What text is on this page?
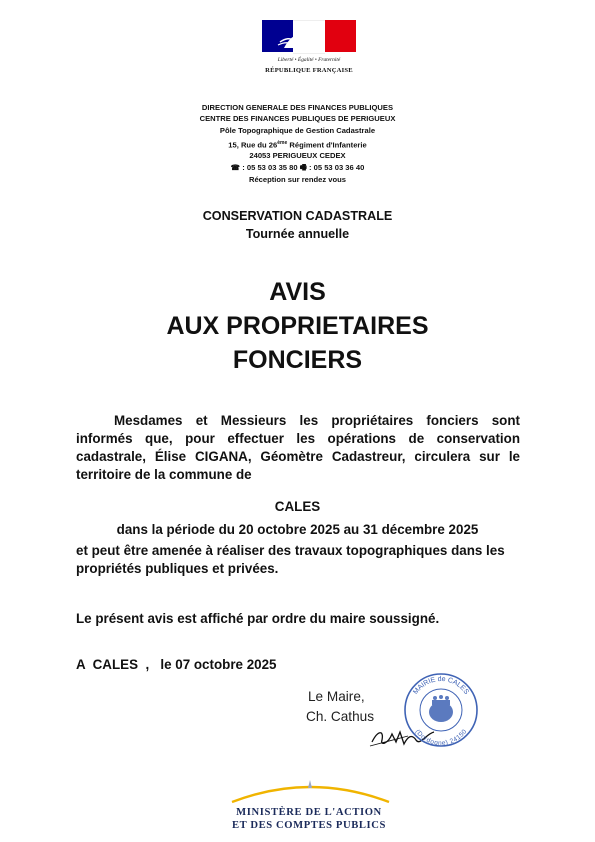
Liberté • Égalité • Fraternité
RÉPUBLIQUE FRANÇAISE
DIRECTION GENERALE DES FINANCES PUBLIQUES
CENTRE DES FINANCES PUBLIQUES DE PERIGUEUX
Pôle Topographique de Gestion Cadastrale
15, Rue du 26ème Régiment d'Infanterie
24053 PERIGUEUX CEDEX
☎ : 05 53 03 35 80 🖷 : 05 53 03 36 40
Réception sur rendez vous
CONSERVATION CADASTRALE
Tournée annuelle
AVIS
AUX PROPRIETAIRES
FONCIERS
Mesdames et Messieurs les propriétaires fonciers sont informés que, pour effectuer les opérations de conservation cadastrale, Élise CIGANA, Géomètre Cadastreur, circulera sur le territoire de la commune de
CALES
dans la période du 20 octobre 2025 au 31 décembre 2025
et peut être amenée à réaliser des travaux topographiques dans les propriétés publiques et privées.
Le présent avis est affiché par ordre du maire soussigné.
A CALES ,   le 07 octobre 2025
Le Maire,
Ch. Cathus
MAIRIE de CALES
(Dordogne) 24150
MINISTÈRE DE L'ACTION
ET DES COMPTES PUBLICS
